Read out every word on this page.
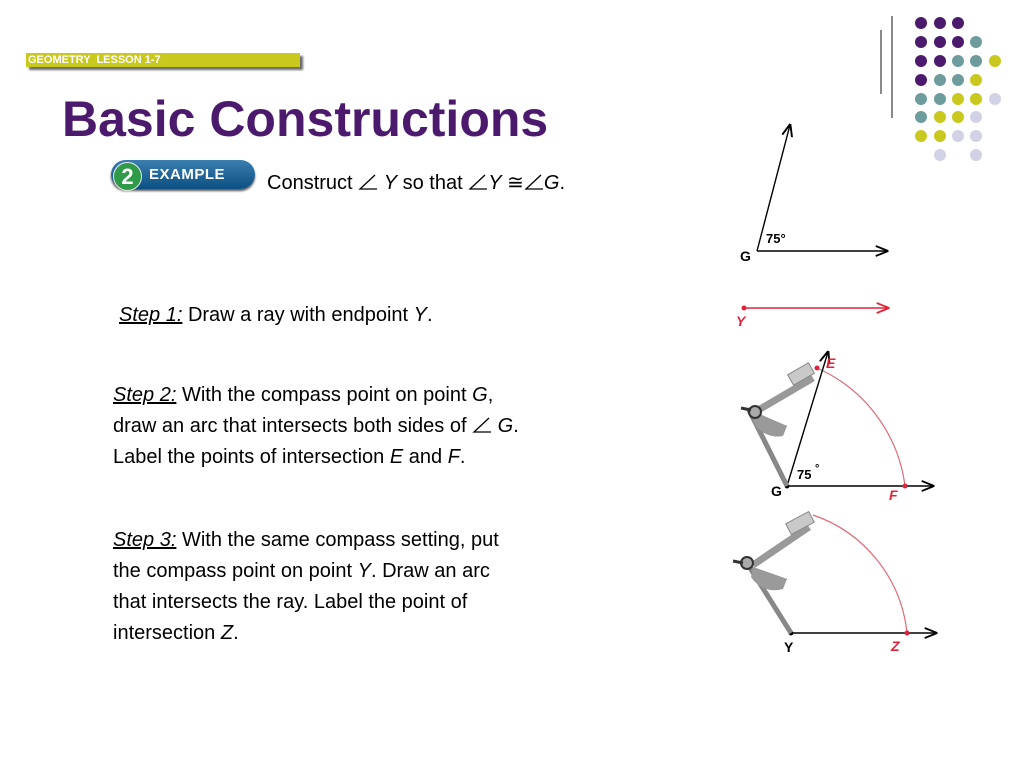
GEOMETRY  LESSON 1-7
Basic Constructions
2	EXAMPLE Construct Y so that Y ≅ G.
Step 1: Draw a ray with endpoint Y.
Step 2: With the compass point on point G,
draw an arc that intersects both sides of G.
Label the points of intersection E and F.
Step 3: With the same compass setting, put
the compass point on point Y. Draw an arc
that intersects the ray. Label the point of
intersection Z.
G
75°
Y
G
E
F
75 °
Y	Z
